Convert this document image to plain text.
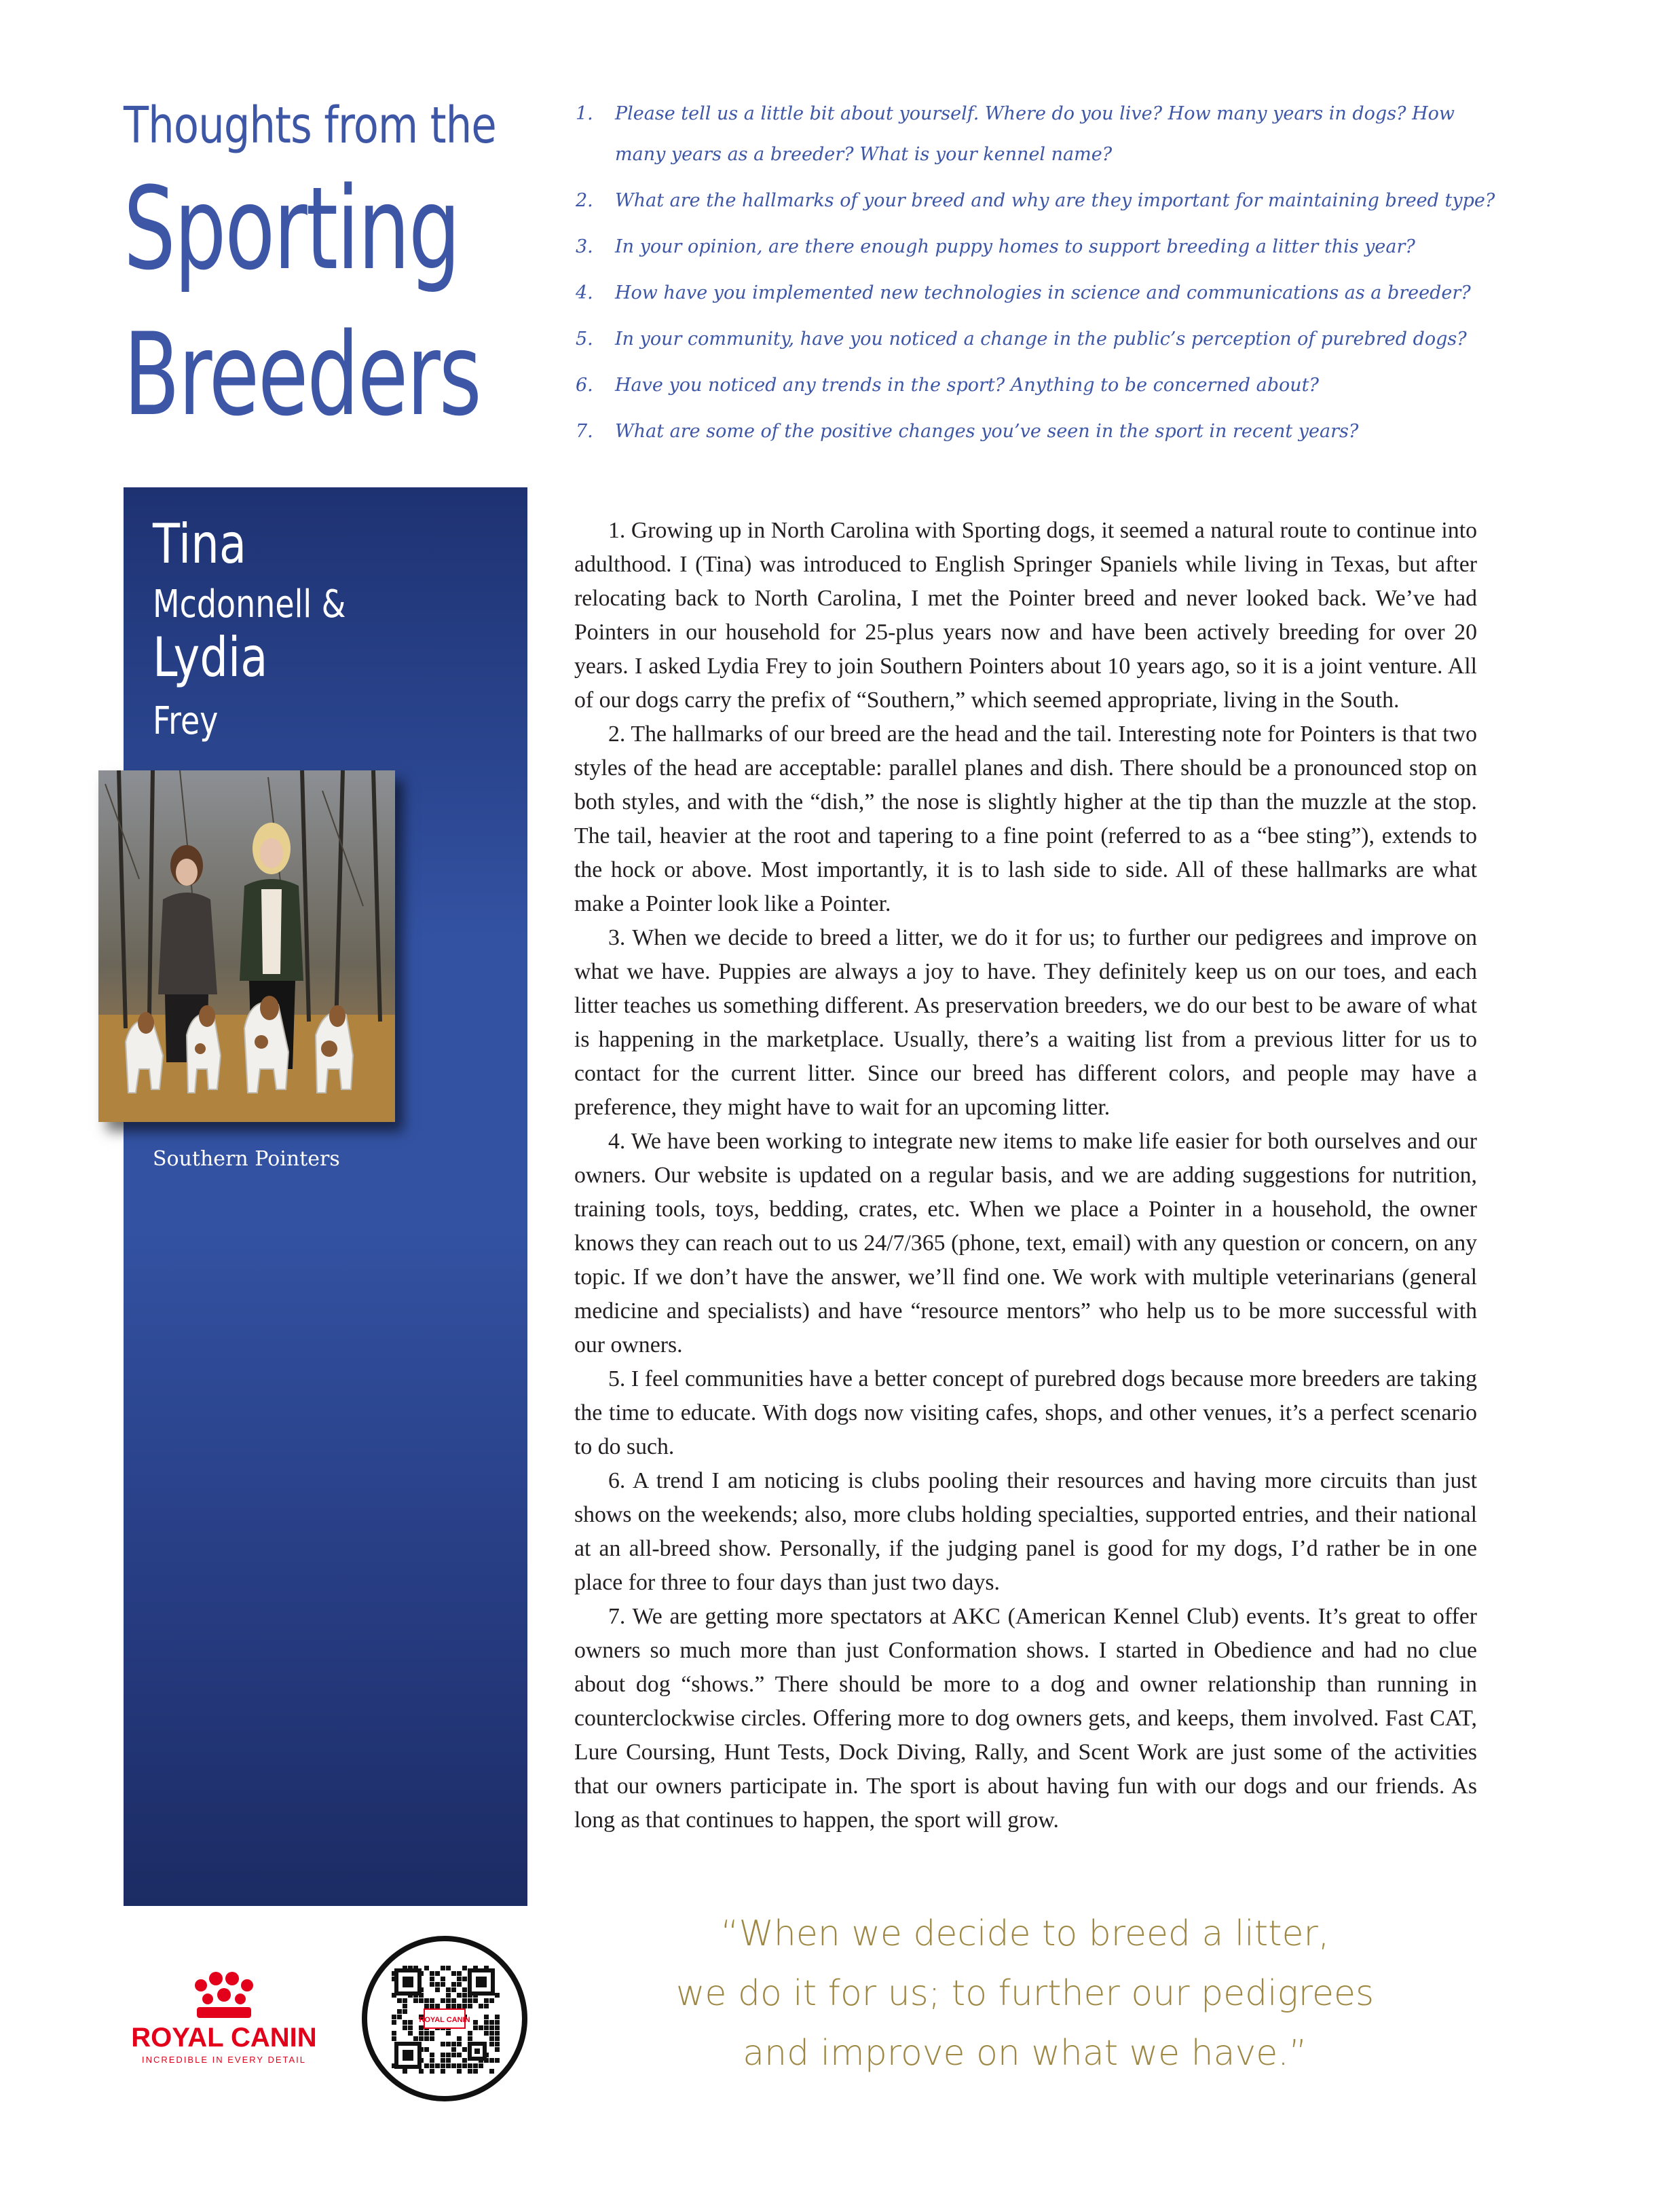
Thoughts from the
Sporting
Breeders
1. Please tell us a little bit about yourself. Where do you live? How many years in dogs? How many years as a breeder? What is your kennel name?
2. What are the hallmarks of your breed and why are they important for maintaining breed type?
3. In your opinion, are there enough puppy homes to support breeding a litter this year?
4. How have you implemented new technologies in science and communications as a breeder?
5. In your community, have you noticed a change in the public’s perception of purebred dogs?
6. Have you noticed any trends in the sport? Anything to be concerned about?
7. What are some of the positive changes you’ve seen in the sport in recent years?
Tina
Mcdonnell &
Lydia
Frey
Southern Pointers

1. Growing up in North Carolina with Sporting dogs, it seemed a natural route to continue into adulthood. I (Tina) was introduced to English Springer Spaniels while living in Texas, but after relocating back to North Carolina, I met the Pointer breed and never looked back. We’ve had Pointers in our household for 25-plus years now and have been actively breeding for over 20 years. I asked Lydia Frey to join Southern Pointers about 10 years ago, so it is a joint venture. All of our dogs carry the prefix of “Southern,” which seemed appropriate, living in the South.

2. The hallmarks of our breed are the head and the tail. Interesting note for Pointers is that two styles of the head are acceptable: parallel planes and dish. There should be a pronounced stop on both styles, and with the “dish,” the nose is slightly higher at the tip than the muzzle at the stop. The tail, heavier at the root and tapering to a fine point (referred to as a “bee sting”), extends to the hock or above. Most importantly, it is to lash side to side. All of these hallmarks are what make a Pointer look like a Pointer.

3. When we decide to breed a litter, we do it for us; to further our pedigrees and improve on what we have. Puppies are always a joy to have. They definitely keep us on our toes, and each litter teaches us something different. As preservation breeders, we do our best to be aware of what is happening in the marketplace. Usually, there’s a waiting list from a previous litter for us to contact for the current litter. Since our breed has different colors, and people may have a preference, they might have to wait for an upcoming litter.

4. We have been working to integrate new items to make life easier for both ourselves and our owners. Our website is updated on a regular basis, and we are adding suggestions for nutrition, training tools, toys, bedding, crates, etc. When we place a Pointer in a household, the owner knows they can reach out to us 24/7/365 (phone, text, email) with any question or concern, on any topic. If we don’t have the answer, we’ll find one. We work with multiple veterinarians (general medicine and specialists) and have “resource mentors” who help us to be more successful with our owners.

5. I feel communities have a better concept of purebred dogs because more breeders are taking the time to educate. With dogs now visiting cafes, shops, and other venues, it’s a perfect scenario to do such.

6. A trend I am noticing is clubs pooling their resources and having more circuits than just shows on the weekends; also, more clubs holding specialties, supported entries, and their national at an all-breed show. Personally, if the judging panel is good for my dogs, I’d rather be in one place for three to four days than just two days.

7. We are getting more spectators at AKC (American Kennel Club) events. It’s great to offer owners so much more than just Conformation shows. I started in Obedience and had no clue about dog “shows.” There should be more to a dog and owner relationship than running in counterclockwise circles. Offering more to dog owners gets, and keeps, them involved. Fast CAT, Lure Coursing, Hunt Tests, Dock Diving, Rally, and Scent Work are just some of the activities that our owners participate in. The sport is about having fun with our dogs and our friends. As long as that continues to happen, the sport will grow.

“When we decide to breed a litter,
we do it for us; to further our pedigrees
and improve on what we have.”
ROYAL CANIN
INCREDIBLE IN EVERY DETAIL
ROYAL CANIN
